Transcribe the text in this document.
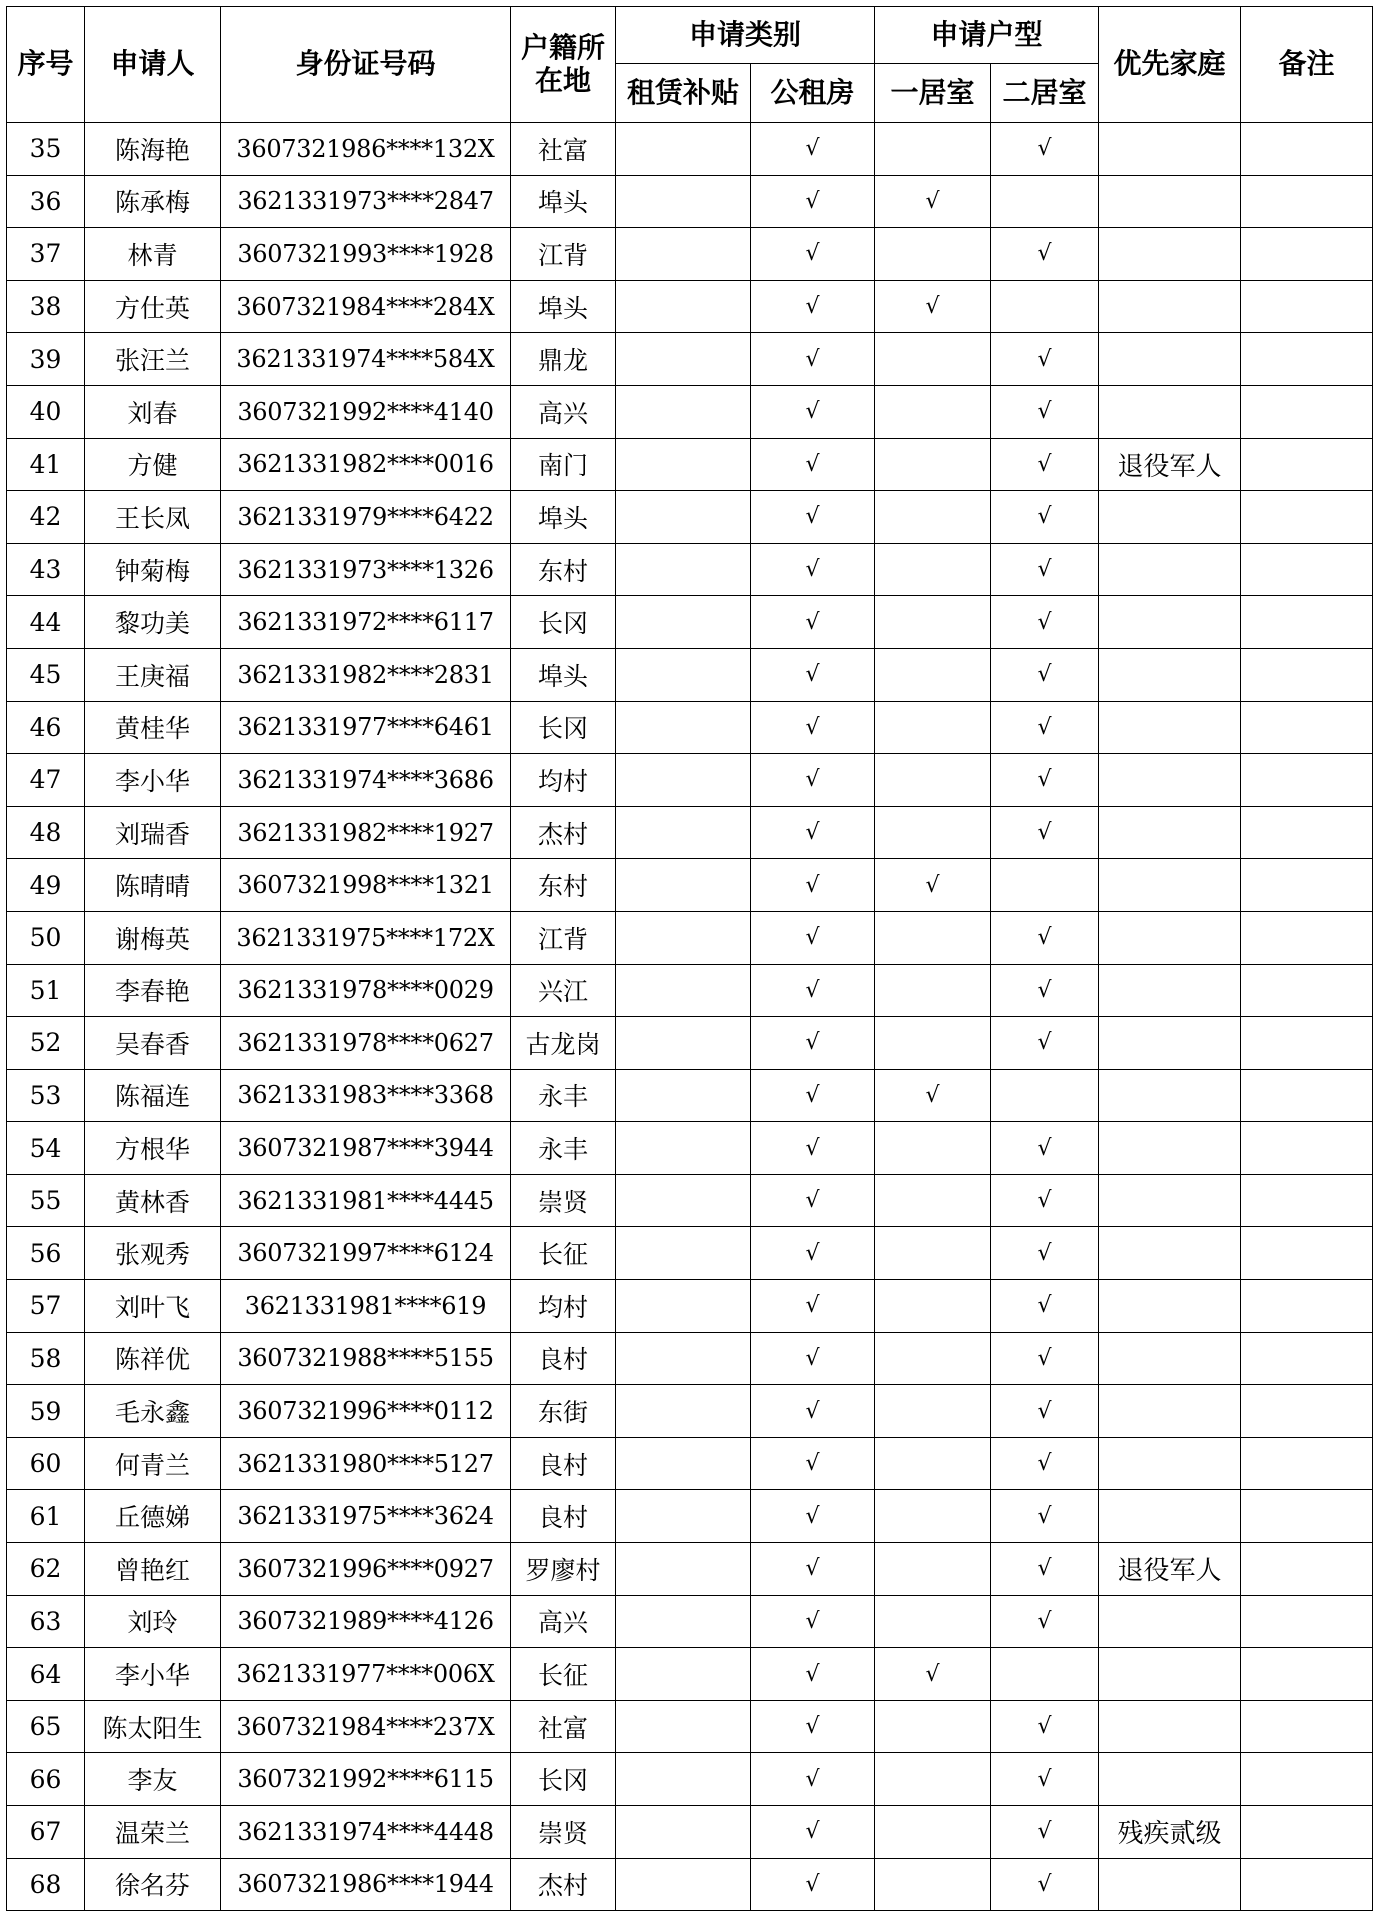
序号	申请人	身份证号码	户籍所在地	申请类别		申请户型		优先家庭	备注
				租赁补贴	公租房	一居室	二居室		
35	陈海艳	3607321986****132X	社富		√		√		
36	陈承梅	3621331973****2847	埠头		√	√			
37	林青	3607321993****1928	江背		√		√		
38	方仕英	3607321984****284X	埠头		√	√			
39	张汪兰	3621331974****584X	鼎龙		√		√		
40	刘春	3607321992****4140	高兴		√		√		
41	方健	3621331982****0016	南门		√		√	退役军人	
42	王长凤	3621331979****6422	埠头		√		√		
43	钟菊梅	3621331973****1326	东村		√		√		
44	黎功美	3621331972****6117	长冈		√		√		
45	王庚福	3621331982****2831	埠头		√		√		
46	黄桂华	3621331977****6461	长冈		√		√		
47	李小华	3621331974****3686	均村		√		√		
48	刘瑞香	3621331982****1927	杰村		√		√		
49	陈晴晴	3607321998****1321	东村		√	√			
50	谢梅英	3621331975****172X	江背		√		√		
51	李春艳	3621331978****0029	兴江		√		√		
52	吴春香	3621331978****0627	古龙岗		√		√		
53	陈福连	3621331983****3368	永丰		√	√			
54	方根华	3607321987****3944	永丰		√		√		
55	黄林香	3621331981****4445	崇贤		√		√		
56	张观秀	3607321997****6124	长征		√		√		
57	刘叶飞	3621331981****619	均村		√		√		
58	陈祥优	3607321988****5155	良村		√		√		
59	毛永鑫	3607321996****0112	东街		√		√		
60	何青兰	3621331980****5127	良村		√		√		
61	丘德娣	3621331975****3624	良村		√		√		
62	曾艳红	3607321996****0927	罗廖村		√		√	退役军人	
63	刘玲	3607321989****4126	高兴		√		√		
64	李小华	3621331977****006X	长征		√	√			
65	陈太阳生	3607321984****237X	社富		√		√		
66	李友	3607321992****6115	长冈		√		√		
67	温荣兰	3621331974****4448	崇贤		√		√	残疾贰级	
68	徐名芬	3607321986****1944	杰村		√		√		
